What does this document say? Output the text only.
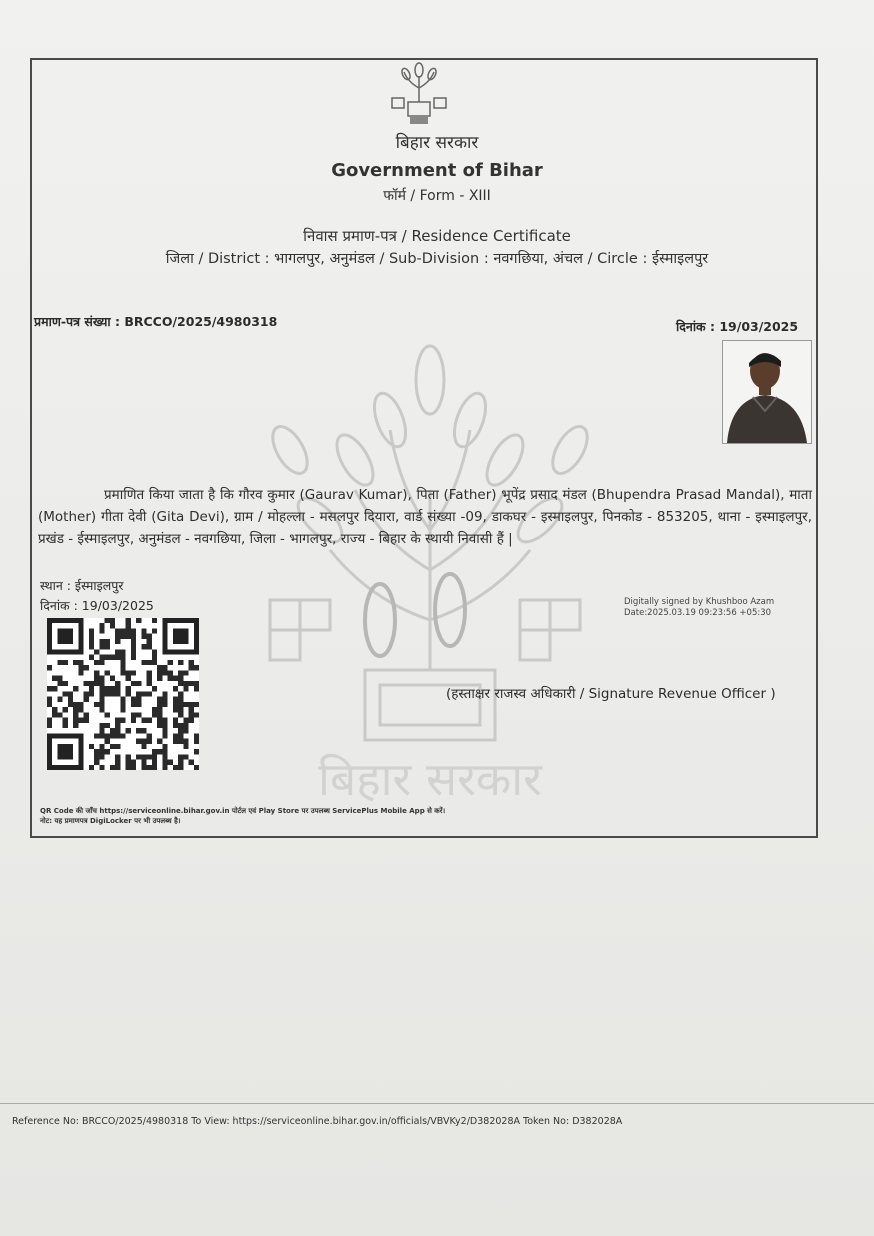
बिहार सरकार
बिहार सरकार
Government of Bihar
फॉर्म / Form - XIII
निवास प्रमाण-पत्र / Residence Certificate
जिला / District : भागलपुर, अनुमंडल / Sub-Division : नवगछिया, अंचल / Circle : ईस्माइलपुर
प्रमाण-पत्र संख्या : BRCCO/2025/4980318	दिनांक : 19/03/2025
प्रमाणित किया जाता है कि गौरव कुमार (Gaurav Kumar), पिता (Father) भूपेंद्र प्रसाद मंडल (Bhupendra Prasad Mandal), माता (Mother) गीता देवी (Gita Devi), ग्राम / मोहल्ला - मसलपुर दियारा, वार्ड संख्या -09, डाकघर - इस्माइलपुर, पिनकोड - 853205, थाना - इस्माइलपुर, प्रखंड - ईस्माइलपुर, अनुमंडल - नवगछिया, जिला - भागलपुर, राज्य - बिहार के स्थायी निवासी हैं |
स्थान : ईस्माइलपुर
दिनांक : 19/03/2025	Digitally signed by Khushboo Azam
Date:2025.03.19 09:23:56 +05:30
(हस्ताक्षर राजस्व अधिकारी / Signature Revenue Officer )
QR Code की जाँच https://serviceonline.bihar.gov.in पोर्टल एवं Play Store पर उपलब्ध ServicePlus Mobile App से करें।
नोट: यह प्रमाणपत्र DigiLocker पर भी उपलब्ध है।
Reference No: BRCCO/2025/4980318 To View: https://serviceonline.bihar.gov.in/officials/VBVKy2/D382028A Token No: D382028A
